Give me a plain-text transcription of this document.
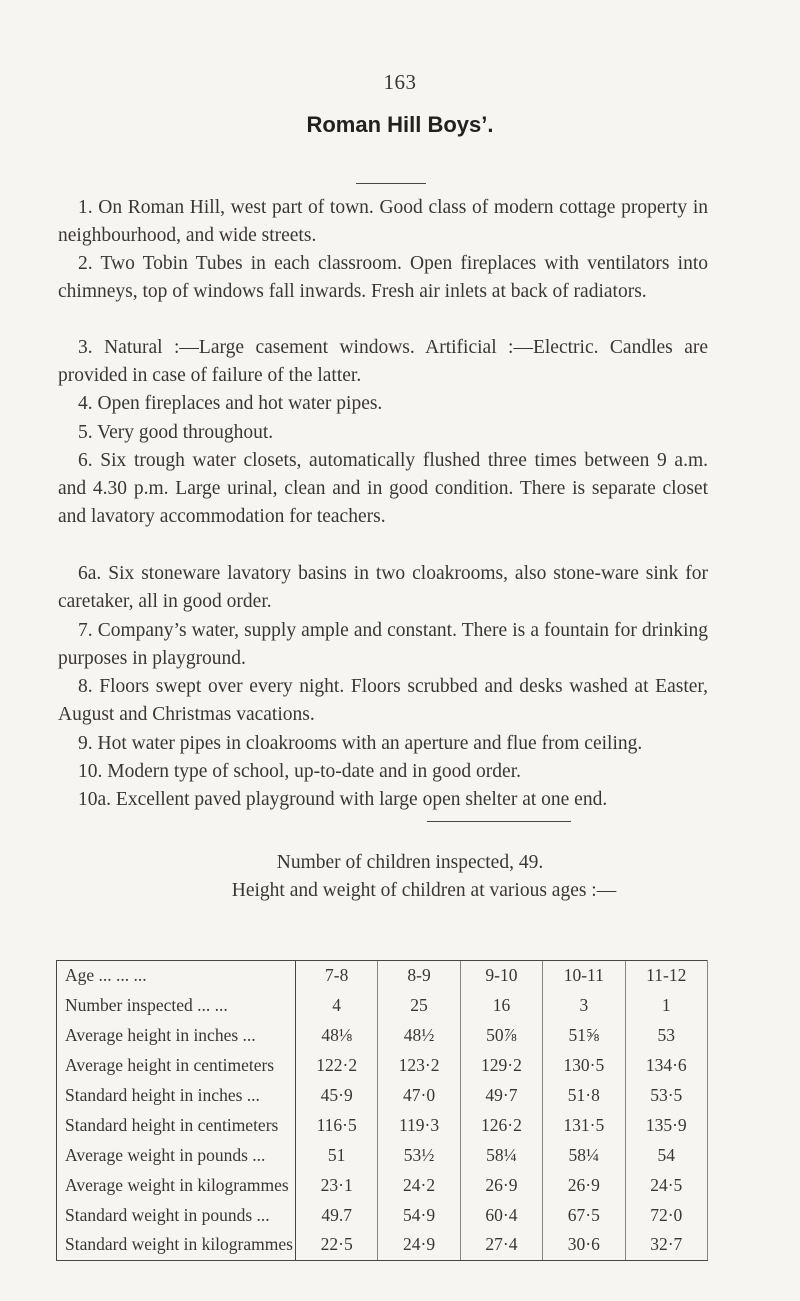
163
Roman Hill Boys’.
1. On Roman Hill, west part of town. Good class of modern cottage property in neighbourhood, and wide streets.
2. Two Tobin Tubes in each classroom. Open fireplaces with ventilators into chimneys, top of windows fall inwards. Fresh air inlets at back of radiators.
3. Natural :—Large casement windows. Artificial :—Electric. Candles are provided in case of failure of the latter.
4. Open fireplaces and hot water pipes.
5. Very good throughout.
6. Six trough water closets, automatically flushed three times between 9 a.m. and 4.30 p.m. Large urinal, clean and in good condition. There is separate closet and lavatory accommodation for teachers.
6a. Six stoneware lavatory basins in two cloakrooms, also stone-ware sink for caretaker, all in good order.
7. Company’s water, supply ample and constant. There is a fountain for drinking purposes in playground.
8. Floors swept over every night. Floors scrubbed and desks washed at Easter, August and Christmas vacations.
9. Hot water pipes in cloakrooms with an aperture and flue from ceiling.
10. Modern type of school, up-to-date and in good order.
10a. Excellent paved playground with large open shelter at one end.
Number of children inspected, 49.
Height and weight of children at various ages :—
Age ... ... ...	7-8	8-9	9-10	10-11	11-12
Number inspected ... ...	4	25	16	3	1
Average height in inches ...	48⅛	48½	50⅞	51⅝	53
Average height in centimeters	122·2	123·2	129·2	130·5	134·6
Standard height in inches ...	45·9	47·0	49·7	51·8	53·5
Standard height in centimeters	116·5	119·3	126·2	131·5	135·9
Average weight in pounds ...	51	53½	58¼	58¼	54
Average weight in kilogrammes	23·1	24·2	26·9	26·9	24·5
Standard weight in pounds ...	49.7	54·9	60·4	67·5	72·0
Standard weight in kilogrammes	22·5	24·9	27·4	30·6	32·7
